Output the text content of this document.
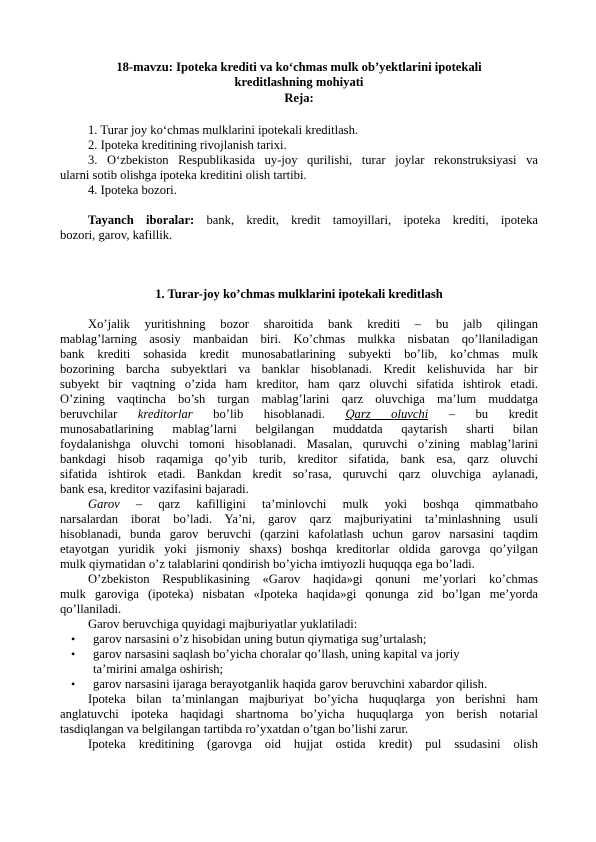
18-mavzu: Ipoteka krediti va ko‘chmas mulk ob’yektlarini ipotekali
kreditlashning mohiyati
Reja:
1. Turar joy ko‘chmas mulklarini ipotekali kreditlash.
2. Ipoteka kreditining rivojlanish tarixi.
3. O‘zbekiston Respublikasida uy-joy qurilishi, turar joylar rekonstruksiyasi va
ularni sotib olishga ipoteka kreditini olish tartibi.
4. Ipoteka bozori.
Tayanch iboralar: bank, kredit, kredit tamoyillari, ipoteka krediti, ipoteka
bozori, garov, kafillik.
1. Turar-joy ko’chmas mulklarini ipotekali kreditlash
Xo’jalik yuritishning bozor sharoitida bank krediti – bu jalb qilingan
mablag’larning asosiy manbaidan biri. Ko’chmas mulkka nisbatan qo’llaniladigan
bank krediti sohasida kredit munosabatlarining subyekti bo’lib, ko’chmas mulk
bozorining barcha subyektlari va banklar hisoblanadi. Kredit kelishuvida har bir
subyekt bir vaqtning o’zida ham kreditor, ham qarz oluvchi sifatida ishtirok etadi.
O’zining vaqtincha bo’sh turgan mablag’larini qarz oluvchiga ma’lum muddatga
beruvchilar kreditorlar bo’lib hisoblanadi. Qarz oluvchi – bu kredit
munosabatlarining mablag’larni belgilangan muddatda qaytarish sharti bilan
foydalanishga oluvchi tomoni hisoblanadi. Masalan, quruvchi o’zining mablag’larini
bankdagi hisob raqamiga qo’yib turib, kreditor sifatida, bank esa, qarz oluvchi
sifatida ishtirok etadi. Bankdan kredit so’rasa, quruvchi qarz oluvchiga aylanadi,
bank esa, kreditor vazifasini bajaradi.
Garov – qarz kafilligini ta’minlovchi mulk yoki boshqa qimmatbaho
narsalardan iborat bo’ladi. Ya’ni, garov qarz majburiyatini ta’minlashning usuli
hisoblanadi, bunda garov beruvchi (qarzini kafolatlash uchun garov narsasini taqdim
etayotgan yuridik yoki jismoniy shaxs) boshqa kreditorlar oldida garovga qo’yilgan
mulk qiymatidan o’z talablarini qondirish bo’yicha imtiyozli huquqqa ega bo’ladi.
O’zbekiston Respublikasining «Garov haqida»gi qonuni me’yorlari ko’chmas
mulk garoviga (ipoteka) nisbatan «Ipoteka haqida»gi qonunga zid bo’lgan me’yorda
qo’llaniladi.
Garov beruvchiga quyidagi majburiyatlar yuklatiladi:
• garov narsasini o’z hisobidan uning butun qiymatiga sug’urtalash;
• garov narsasini saqlash bo’yicha choralar qo’llash, uning kapital va joriy
ta’mirini amalga oshirish;
• garov narsasini ijaraga berayotganlik haqida garov beruvchini xabardor qilish.
Ipoteka bilan ta’minlangan majburiyat bo’yicha huquqlarga yon berishni ham
anglatuvchi ipoteka haqidagi shartnoma bo’yicha huquqlarga yon berish notarial
tasdiqlangan va belgilangan tartibda ro’yxatdan o’tgan bo’lishi zarur.
Ipoteka kreditining (garovga oid hujjat ostida kredit) pul ssudasini olish
